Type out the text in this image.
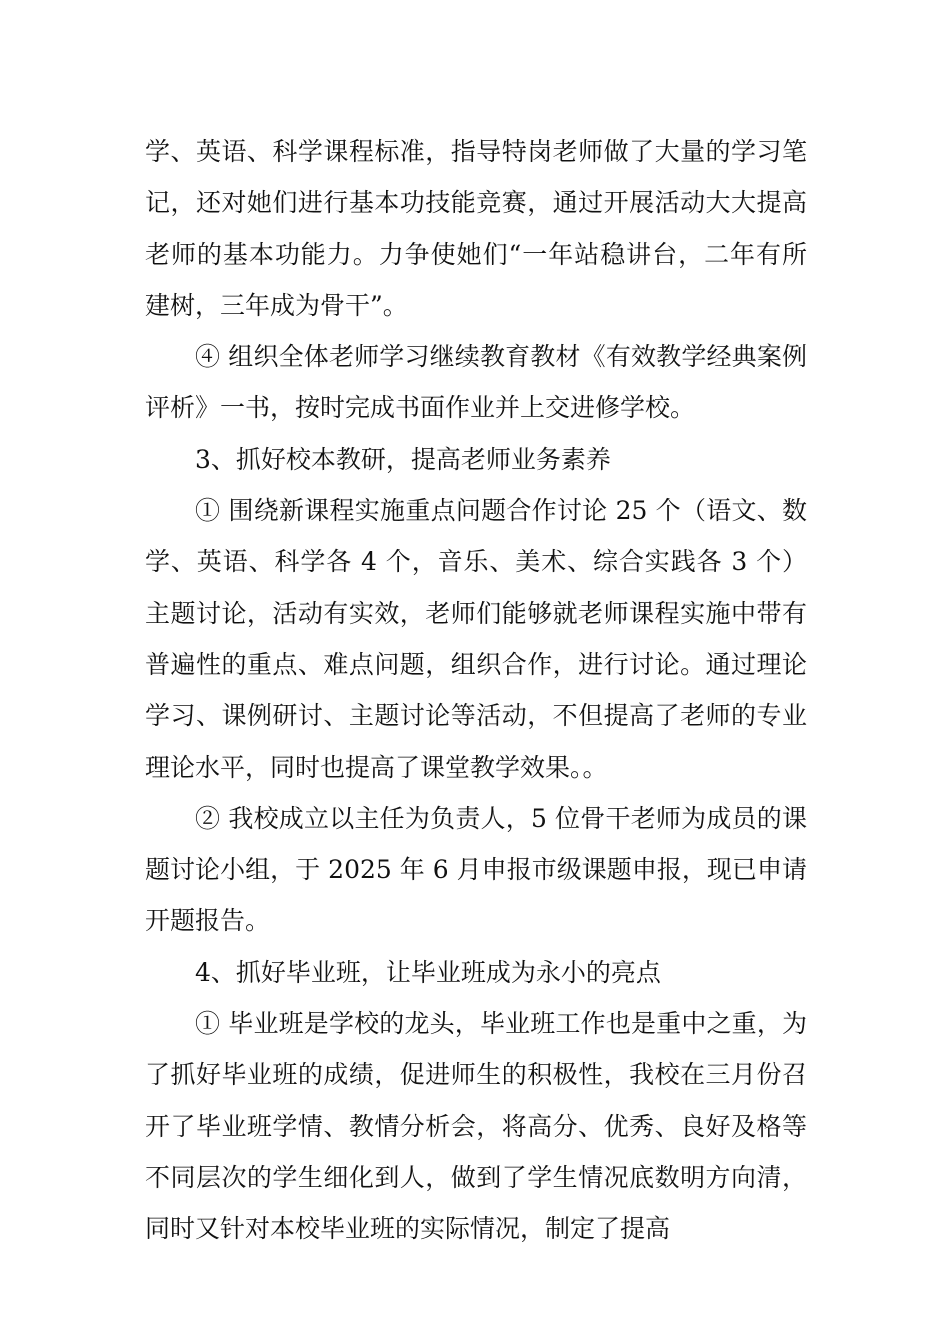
学、英语、科学课程标准，指导特岗老师做了大量的学习笔记，还对她们进行基本功技能竞赛，通过开展活动大大提高老师的基本功能力。力争使她们“一年站稳讲台，二年有所建树，三年成为骨干”。

④ 组织全体老师学习继续教育教材《有效教学经典案例评析》一书，按时完成书面作业并上交进修学校。

3、抓好校本教研，提高老师业务素养

① 围绕新课程实施重点问题合作讨论 25 个（语文、数学、英语、科学各 4 个，音乐、美术、综合实践各 3 个）主题讨论，活动有实效，老师们能够就老师课程实施中带有普遍性的重点、难点问题，组织合作，进行讨论。通过理论学习、课例研讨、主题讨论等活动，不但提高了老师的专业理论水平，同时也提高了课堂教学效果。。

② 我校成立以主任为负责人，5 位骨干老师为成员的课题讨论小组，于 2025 年 6 月申报市级课题申报，现已申请开题报告。

4、抓好毕业班，让毕业班成为永小的亮点

① 毕业班是学校的龙头，毕业班工作也是重中之重，为了抓好毕业班的成绩，促进师生的积极性，我校在三月份召开了毕业班学情、教情分析会，将高分、优秀、良好及格等不同层次的学生细化到人，做到了学生情况底数明方向清，同时又针对本校毕业班的实际情况，制定了提高
